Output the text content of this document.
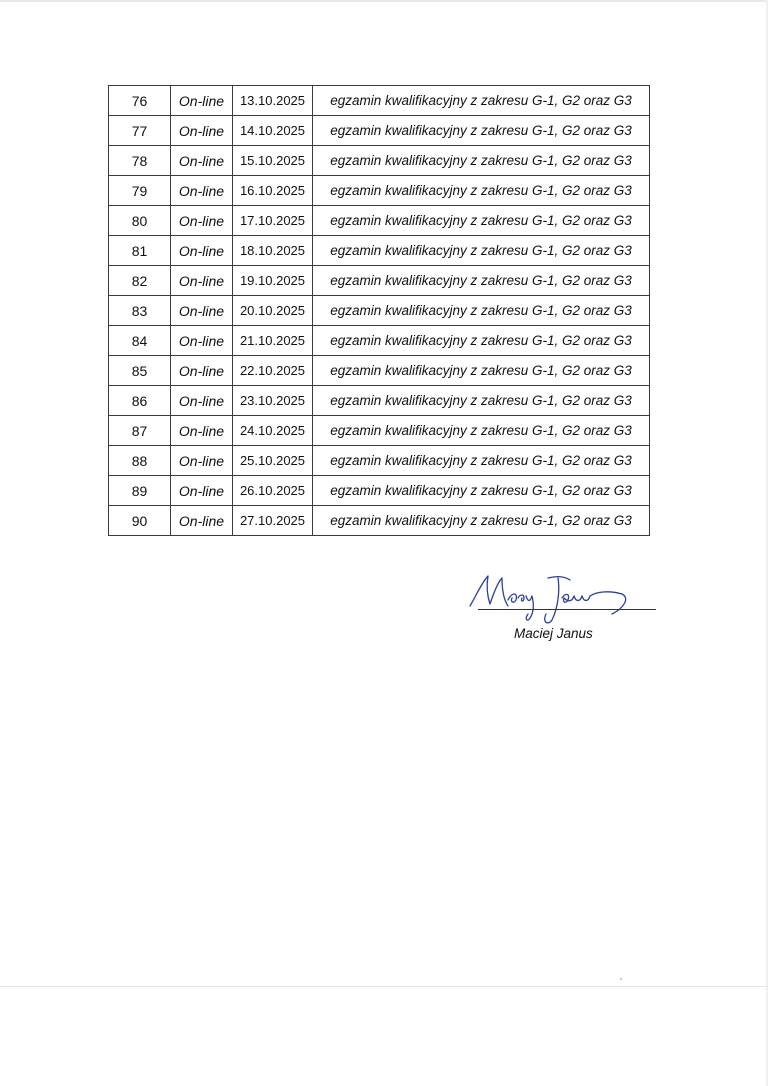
76	On-line	13.10.2025	egzamin kwalifikacyjny z zakresu G-1, G2 oraz G3
77	On-line	14.10.2025	egzamin kwalifikacyjny z zakresu G-1, G2 oraz G3
78	On-line	15.10.2025	egzamin kwalifikacyjny z zakresu G-1, G2 oraz G3
79	On-line	16.10.2025	egzamin kwalifikacyjny z zakresu G-1, G2 oraz G3
80	On-line	17.10.2025	egzamin kwalifikacyjny z zakresu G-1, G2 oraz G3
81	On-line	18.10.2025	egzamin kwalifikacyjny z zakresu G-1, G2 oraz G3
82	On-line	19.10.2025	egzamin kwalifikacyjny z zakresu G-1, G2 oraz G3
83	On-line	20.10.2025	egzamin kwalifikacyjny z zakresu G-1, G2 oraz G3
84	On-line	21.10.2025	egzamin kwalifikacyjny z zakresu G-1, G2 oraz G3
85	On-line	22.10.2025	egzamin kwalifikacyjny z zakresu G-1, G2 oraz G3
86	On-line	23.10.2025	egzamin kwalifikacyjny z zakresu G-1, G2 oraz G3
87	On-line	24.10.2025	egzamin kwalifikacyjny z zakresu G-1, G2 oraz G3
88	On-line	25.10.2025	egzamin kwalifikacyjny z zakresu G-1, G2 oraz G3
89	On-line	26.10.2025	egzamin kwalifikacyjny z zakresu G-1, G2 oraz G3
90	On-line	27.10.2025	egzamin kwalifikacyjny z zakresu G-1, G2 oraz G3
Maciej Janus
